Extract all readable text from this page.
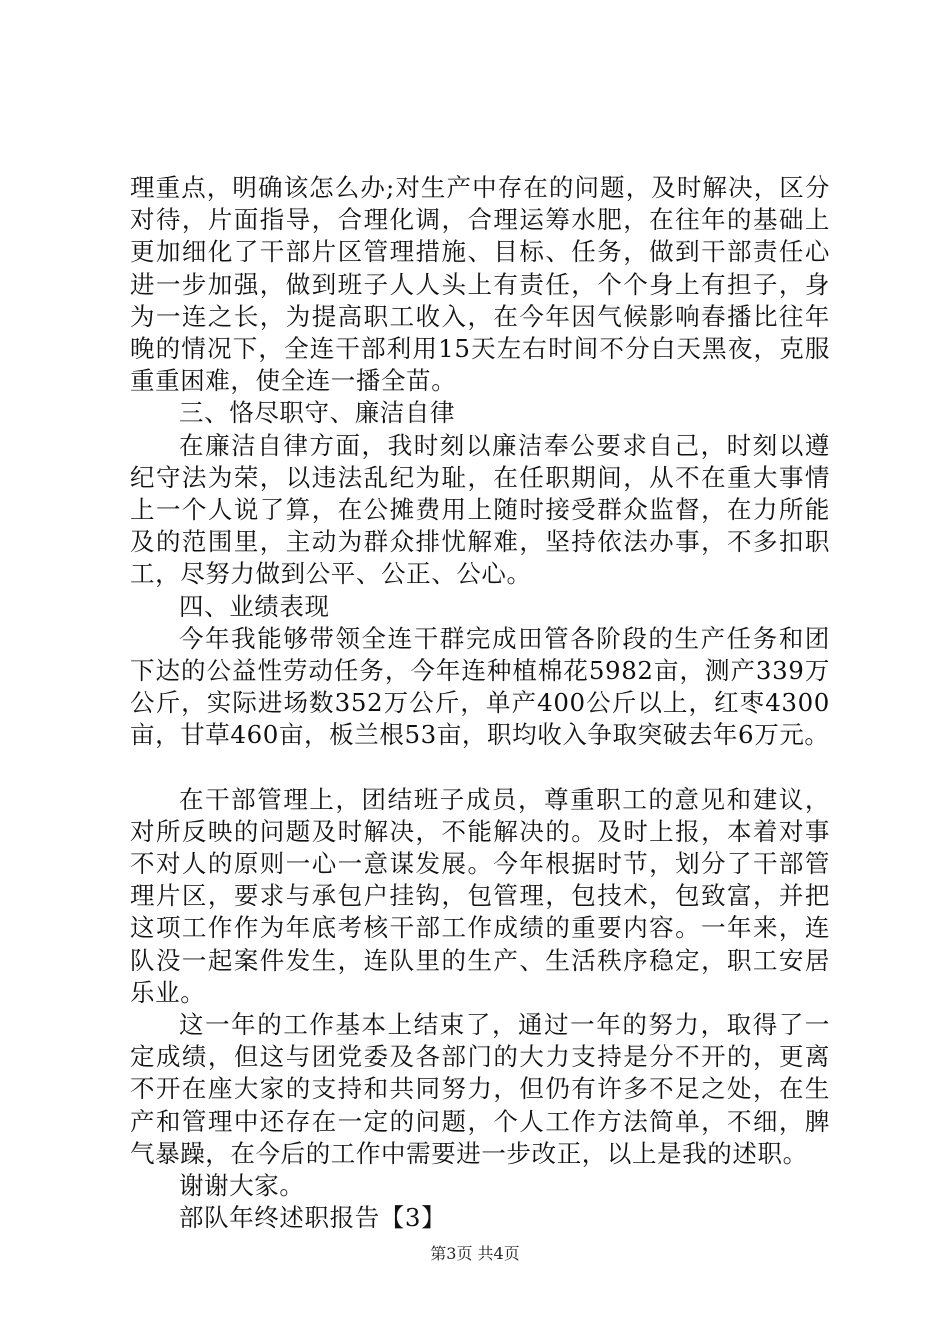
理重点，明确该怎么办;对生产中存在的问题，及时解决，区分对待，片面指导，合理化调，合理运筹水肥，在往年的基础上更加细化了干部片区管理措施、目标、任务，做到干部责任心进一步加强，做到班子人人头上有责任，个个身上有担子，身为一连之长，为提高职工收入，在今年因气候影响春播比往年晚的情况下，全连干部利用15天左右时间不分白天黑夜，克服重重困难，使全连一播全苗。

三、恪尽职守、廉洁自律

在廉洁自律方面，我时刻以廉洁奉公要求自己，时刻以遵纪守法为荣，以违法乱纪为耻，在任职期间，从不在重大事情上一个人说了算，在公摊费用上随时接受群众监督，在力所能及的范围里，主动为群众排忧解难，坚持依法办事，不多扣职工，尽努力做到公平、公正、公心。

四、业绩表现

今年我能够带领全连干群完成田管各阶段的生产任务和团下达的公益性劳动任务，今年连种植棉花5982亩，测产339万公斤，实际进场数352万公斤，单产400公斤以上，红枣4300亩，甘草460亩，板兰根53亩，职均收入争取突破去年6万元。

在干部管理上，团结班子成员，尊重职工的意见和建议，对所反映的问题及时解决，不能解决的。及时上报，本着对事不对人的原则一心一意谋发展。今年根据时节，划分了干部管理片区，要求与承包户挂钩，包管理，包技术，包致富，并把这项工作作为年底考核干部工作成绩的重要内容。一年来，连队没一起案件发生，连队里的生产、生活秩序稳定，职工安居乐业。

这一年的工作基本上结束了，通过一年的努力，取得了一定成绩，但这与团党委及各部门的大力支持是分不开的，更离不开在座大家的支持和共同努力，但仍有许多不足之处，在生产和管理中还存在一定的问题，个人工作方法简单，不细，脾气暴躁，在今后的工作中需要进一步改正，以上是我的述职。

谢谢大家。

部队年终述职报告【3】

第3页 共4页
